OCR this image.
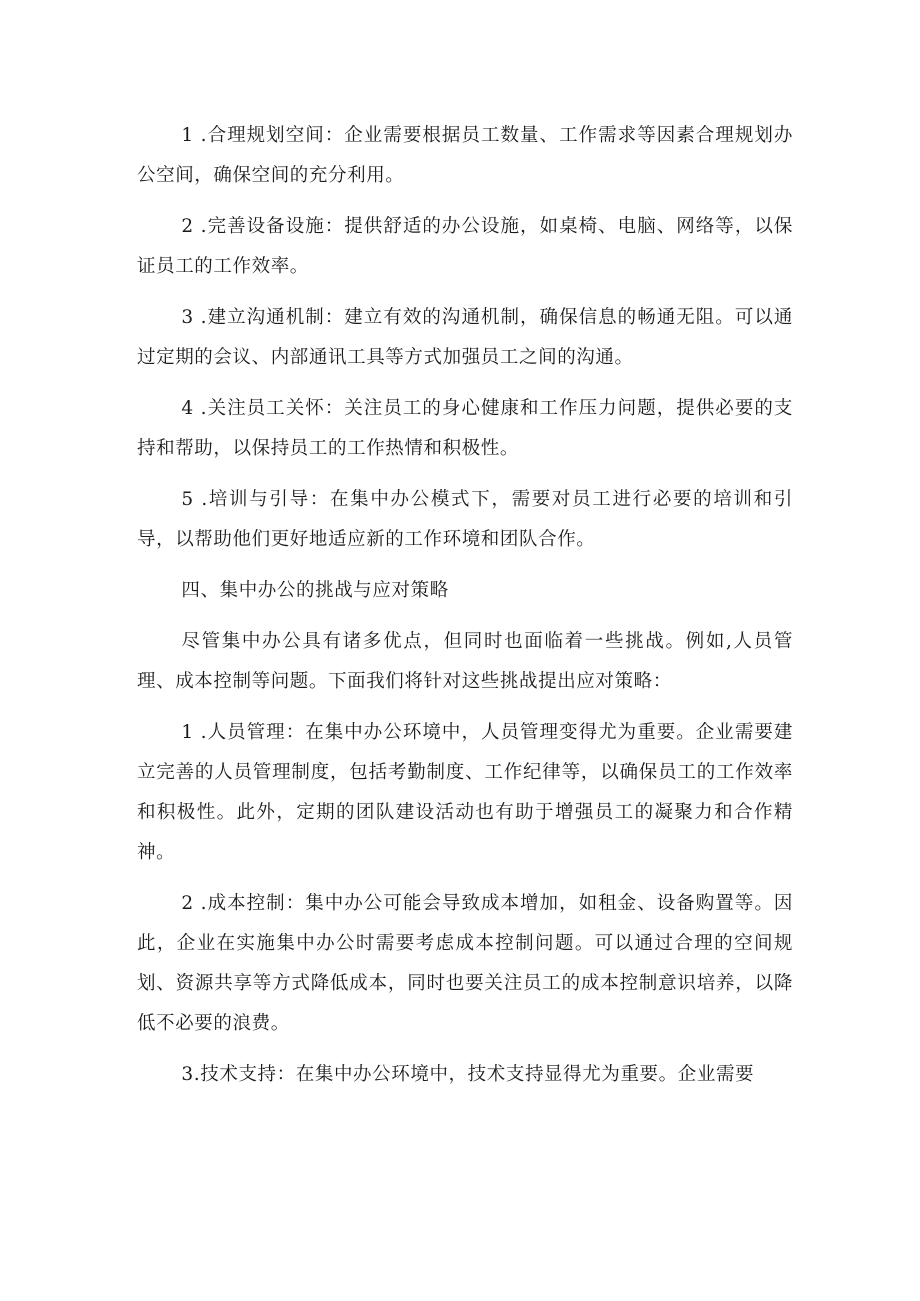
1 .合理规划空间：企业需要根据员工数量、工作需求等因素合理规划办公空间，确保空间的充分利用。

2 .完善设备设施：提供舒适的办公设施，如桌椅、电脑、网络等，以保证员工的工作效率。

3 .建立沟通机制：建立有效的沟通机制，确保信息的畅通无阻。可以通过定期的会议、内部通讯工具等方式加强员工之间的沟通。

4 .关注员工关怀：关注员工的身心健康和工作压力问题，提供必要的支持和帮助，以保持员工的工作热情和积极性。

5 .培训与引导：在集中办公模式下，需要对员工进行必要的培训和引导，以帮助他们更好地适应新的工作环境和团队合作。

四、集中办公的挑战与应对策略

尽管集中办公具有诸多优点，但同时也面临着一些挑战。例如,人员管理、成本控制等问题。下面我们将针对这些挑战提出应对策略：

1 .人员管理：在集中办公环境中，人员管理变得尤为重要。企业需要建立完善的人员管理制度，包括考勤制度、工作纪律等，以确保员工的工作效率和积极性。此外，定期的团队建设活动也有助于增强员工的凝聚力和合作精神。

2 .成本控制：集中办公可能会导致成本增加，如租金、设备购置等。因此，企业在实施集中办公时需要考虑成本控制问题。可以通过合理的空间规划、资源共享等方式降低成本，同时也要关注员工的成本控制意识培养，以降低不必要的浪费。

3.技术支持：在集中办公环境中，技术支持显得尤为重要。企业需要
